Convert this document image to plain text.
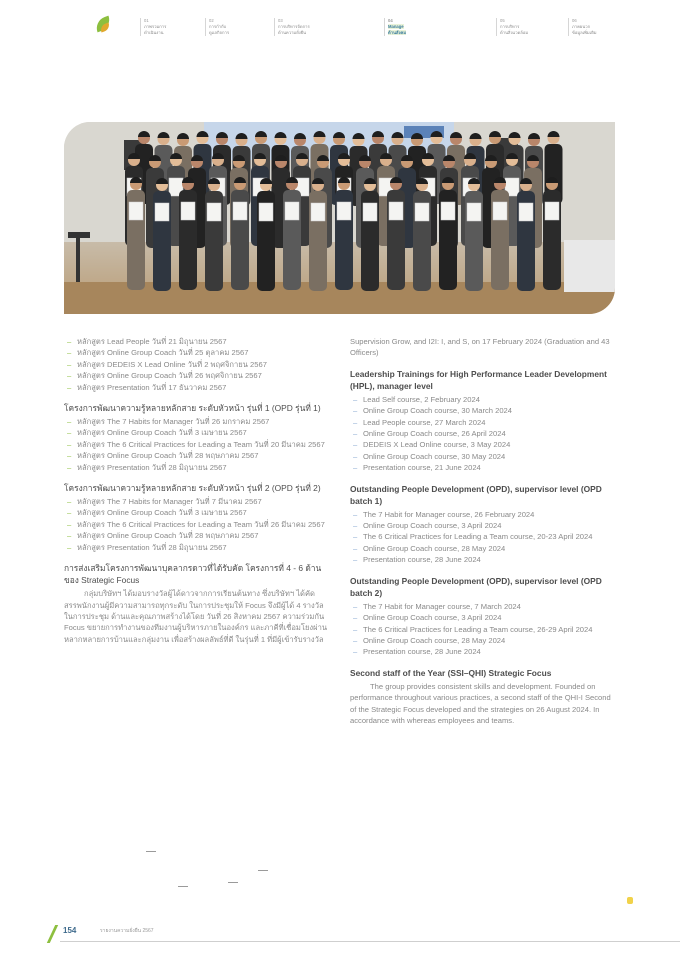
01
ภาพรวมการ
ดำเนินงาน
02
การกำกับ
ดูแลกิจการ
03
การบริหารจัดการ
ด้านความยั่งยืน
04
Manage
ด้านสังคม
05
การบริหาร
ด้านสิ่งแวดล้อม
06
ภาคผนวก
ข้อมูลเพิ่มเติม
– หลักสูตร Lead People วันที่ 21 มิถุนายน 2567
– หลักสูตร Online Group Coach วันที่ 25 ตุลาคม 2567
– หลักสูตร DEDEIS X Lead Online วันที่ 2 พฤศจิกายน 2567
– หลักสูตร Online Group Coach วันที่ 26 พฤศจิกายน 2567
– หลักสูตร Presentation วันที่ 17 ธันวาคม 2567
โครงการพัฒนาความรู้หลายหลักสาย ระดับหัวหน้า รุ่นที่ 1 (OPD รุ่นที่ 1)
– หลักสูตร The 7 Habits for Manager วันที่ 26 มกราคม 2567
– หลักสูตร Online Group Coach วันที่ 3 เมษายน 2567
– หลักสูตร The 6 Critical Practices for Leading a Team วันที่ 20 มีนาคม 2567
– หลักสูตร Online Group Coach วันที่ 28 พฤษภาคม 2567
– หลักสูตร Presentation วันที่ 28 มิถุนายน 2567
โครงการพัฒนาความรู้หลายหลักสาย ระดับหัวหน้า รุ่นที่ 2 (OPD รุ่นที่ 2)
– หลักสูตร The 7 Habits for Manager วันที่ 7 มีนาคม 2567
– หลักสูตร Online Group Coach วันที่ 3 เมษายน 2567
– หลักสูตร The 6 Critical Practices for Leading a Team วันที่ 26 มีนาคม 2567
– หลักสูตร Online Group Coach วันที่ 28 พฤษภาคม 2567
– หลักสูตร Presentation วันที่ 28 มิถุนายน 2567
การส่งเสริมโครงการพัฒนาบุคลากรดาวที่ได้รับคัด โครงการที่ 4 - 6 ด้านของ Strategic Focus
กลุ่มบริษัทฯ ได้มอบรางวัลผู้ได้ดาวจากการเรียนต้นทาง ซึ่งบริษัทฯ ได้คัดสรรพนักงานผู้มีความสามารถทุกระดับ ในการประชุมให้ Focus จึงมีผู้ได้ 4 รางวัล ในการประชุม ด้านและคุณภาพสร้างได้โดย วันที่ 26 สิงหาคม 2567 ความร่วมกัน Focus ขยายการทำงานของทีมงานผู้บริหารภายในองค์กร และภาคีที่เชื่อมโยงผ่านหลากหลายการบ้านและกลุ่มงาน เพื่อสร้างผลลัพธ์ที่ดี ในรุ่นที่ 1 ที่มีผู้เข้ารับรางวัล
Supervision Grow, and I2I: I, and S, on 17 February 2024 (Graduation and 43 Officers)
Leadership Trainings for High Performance Leader Development (HPL), manager level
– Lead Self course, 2 February 2024
– Online Group Coach course, 30 March 2024
– Lead People course, 27 March 2024
– Online Group Coach course, 26 April 2024
– DEDEIS X Lead Online course, 3 May 2024
– Online Group Coach course, 30 May 2024
– Presentation course, 21 June 2024
Outstanding People Development (OPD), supervisor level (OPD batch 1)
– The 7 Habit for Manager course, 26 February 2024
– Online Group Coach course, 3 April 2024
– The 6 Critical Practices for Leading a Team course, 20-23 April 2024
– Online Group Coach course, 28 May 2024
– Presentation course, 28 June 2024
Outstanding People Development (OPD), supervisor level (OPD batch 2)
– The 7 Habit for Manager course, 7 March 2024
– Online Group Coach course, 3 April 2024
– The 6 Critical Practices for Leading a Team course, 26-29 April 2024
– Online Group Coach course, 28 May 2024
– Presentation course, 28 June 2024
Second staff of the Year (SSI–QHI) Strategic Focus
The group provides consistent skills and development. Founded on performance throughout various practices, a second staff of the QHI-I Second of the Strategic Focus developed and the strategies on 26 August 2024. In accordance with whereas employees and teams.
154	รายงานความยั่งยืน 2567
